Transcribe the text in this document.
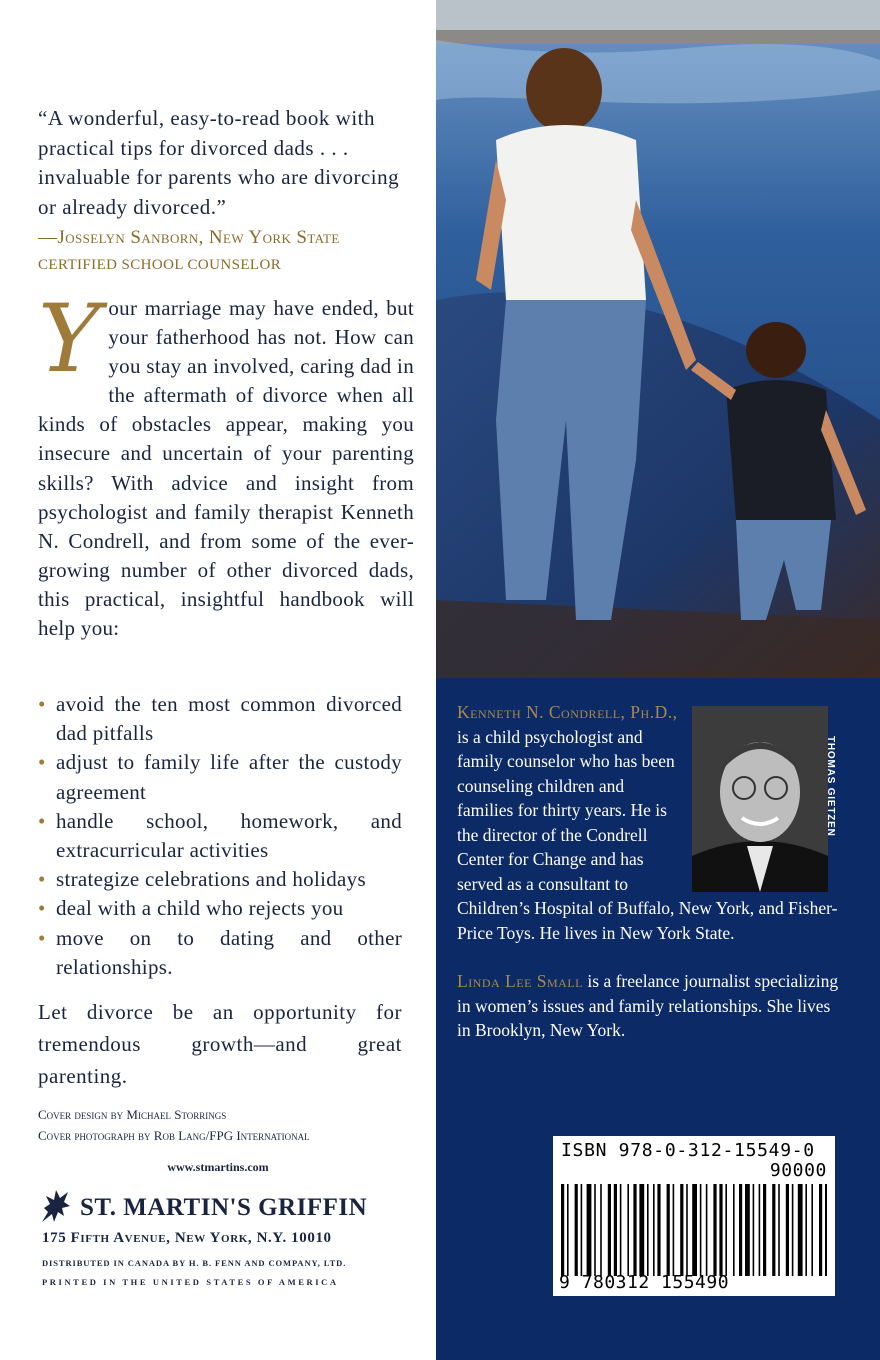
“A wonderful, easy-to-read book with practical tips for divorced dads . . . invaluable for parents who are divorcing or already divorced.”
—Josselyn Sanborn, New York State
CERTIFIED SCHOOL COUNSELOR
Y our marriage may have ended, but your fatherhood has not. How can you stay an involved, caring dad in the aftermath of divorce when all kinds of obstacles appear, making you insecure and uncertain of your parenting skills? With advice and insight from psychologist and family therapist Kenneth N. Condrell, and from some of the ever-growing number of other divorced dads, this practical, insightful handbook will help you:
• avoid the ten most common divorced dad pitfalls
• adjust to family life after the custody agreement
• handle school, homework, and extracurricular activities
• strategize celebrations and holidays
• deal with a child who rejects you
• move on to dating and other relationships.
Let divorce be an opportunity for tremendous growth—and great parenting.
Cover design by Michael Storrings
Cover photograph by Rob Lang/FPG International
www.stmartins.com
ST. MARTIN'S GRIFFIN
175 Fifth Avenue, New York, N.Y. 10010
DISTRIBUTED IN CANADA BY H. B. FENN AND COMPANY, LTD.
PRINTED IN THE UNITED STATES OF AMERICA
THOMAS GIETZEN
Kenneth N. Condrell, Ph.D., is a child psychologist and family counselor who has been counseling children and families for thirty years. He is the director of the Condrell Center for Change and has served as a consultant to Children’s Hospital of Buffalo, New York, and Fisher-Price Toys. He lives in New York State.
Linda Lee Small is a freelance journalist specializing in women’s issues and family relationships. She lives in Brooklyn, New York.
ISBN 978-0-312-15549-0
90000
9 780312 155490
